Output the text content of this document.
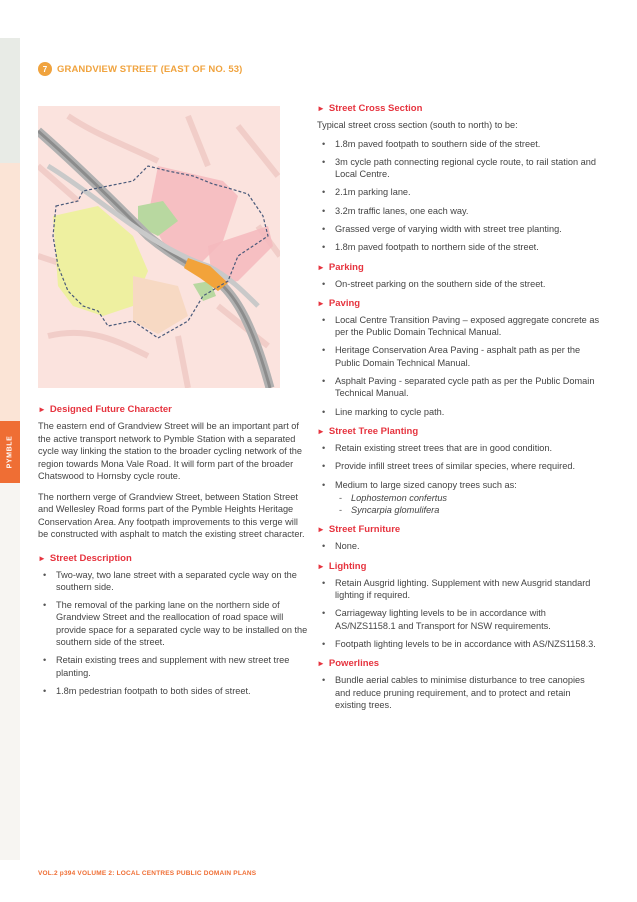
PYMBLE
7	GRANDVIEW STREET (EAST OF NO. 53)
► Designed Future Character

The eastern end of Grandview Street will be an important part of the active transport network to Pymble Station with a separated cycle way linking the station to the broader cycling network of the region towards Mona Vale Road. It will form part of the broader Chatswood to Hornsby cycle route.

The northern verge of Grandview Street, between Station Street and Wellesley Road forms part of the Pymble Heights Heritage Conservation Area. Any footpath improvements to this verge will be constructed with asphalt to match the existing street character.

► Street Description
• Two-way, two lane street with a separated cycle way on the southern side.
• The removal of the parking lane on the northern side of Grandview Street and the reallocation of road space will provide space for a separated cycle way to be installed on the southern side of the street.
• Retain existing trees and supplement with new street tree planting.
• 1.8m pedestrian footpath to both sides of street.
► Street Cross Section

Typical street cross section (south to north) to be:

• 1.8m paved footpath to southern side of the street.
• 3m cycle path connecting regional cycle route, to rail station and Local Centre.
• 2.1m parking lane.
• 3.2m traffic lanes, one each way.
• Grassed verge of varying width with street tree planting.
• 1.8m paved footpath to northern side of the street.
► Parking
• On-street parking on the southern side of the street.
► Paving
• Local Centre Transition Paving – exposed aggregate concrete as per the Public Domain Technical Manual.
• Heritage Conservation Area Paving - asphalt path as per the Public Domain Technical Manual.
• Asphalt Paving - separated cycle path as per the Public Domain Technical Manual.
• Line marking to cycle path.
► Street Tree Planting
• Retain existing street trees that are in good condition.
• Provide infill street trees of similar species, where required.
• Medium to large sized canopy trees such as:
- Lophostemon confertus
- Syncarpia glomulifera
► Street Furniture
• None.
► Lighting
• Retain Ausgrid lighting. Supplement with new Ausgrid standard lighting if required.
• Carriageway lighting levels to be in accordance with AS/NZS1158.1 and Transport for NSW requirements.
• Footpath lighting levels to be in accordance with AS/NZS1158.3.
► Powerlines
• Bundle aerial cables to minimise disturbance to tree canopies and reduce pruning requirement, and to protect and retain existing trees.
VOL.2 p394 VOLUME 2: LOCAL CENTRES PUBLIC DOMAIN PLANS
